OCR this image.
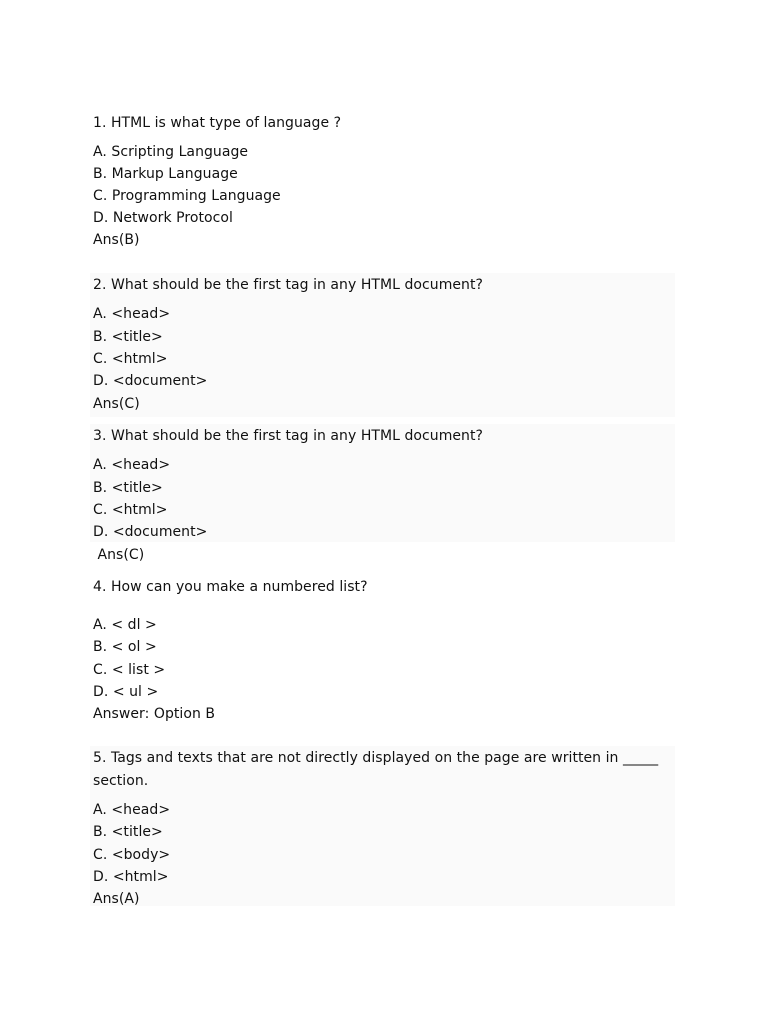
1. HTML is what type of language ?
A. Scripting Language
B. Markup Language
C. Programming Language
D. Network Protocol
Ans(B)
2. What should be the first tag in any HTML document?
A. <head>
B. <title>
C. <html>
D. <document>
Ans(C)
3. What should be the first tag in any HTML document?
A. <head>
B. <title>
C. <html>
D. <document>
Ans(C)
4. How can you make a numbered list?
A. < dl >
B. < ol >
C. < list >
D. < ul >
Answer: Option B
5. Tags and texts that are not directly displayed on the page are written in _____
section.
A. <head>
B. <title>
C. <body>
D. <html>
Ans(A)
